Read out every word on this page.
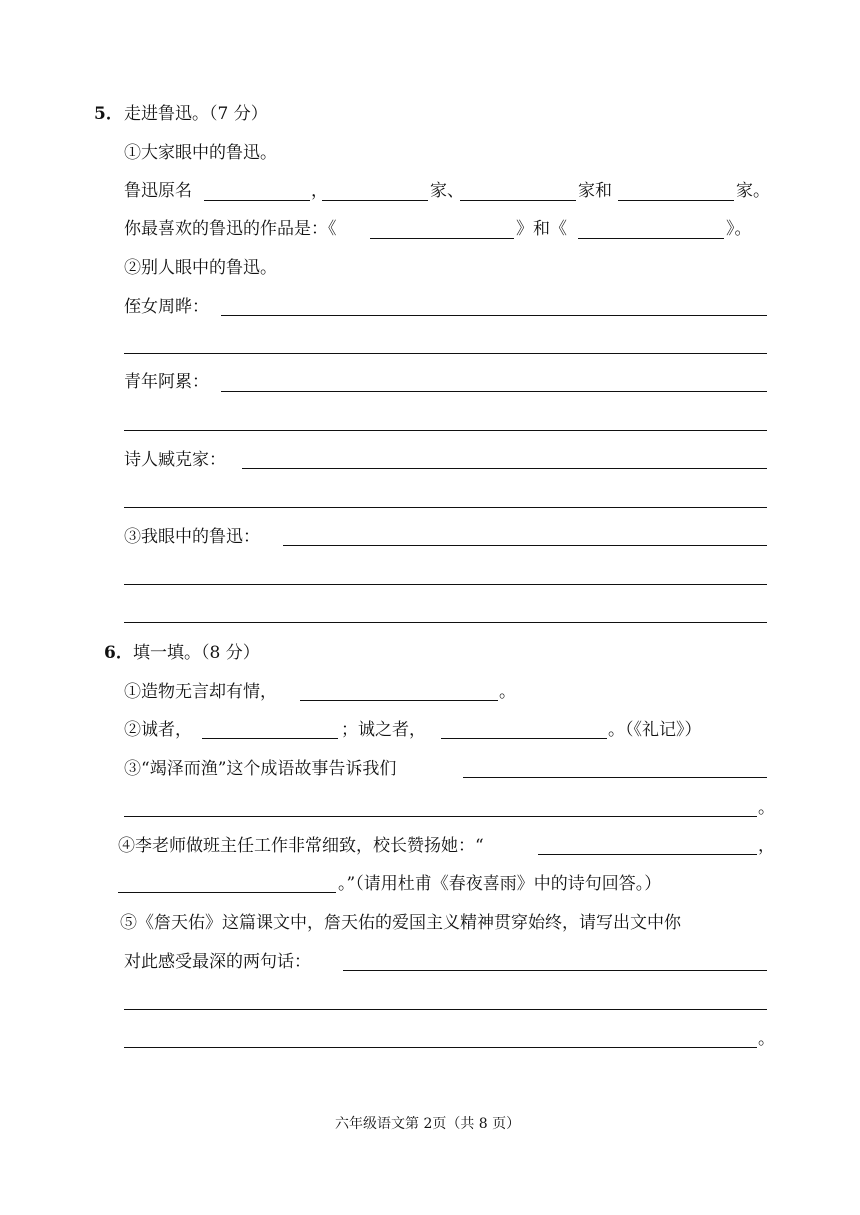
5． 走进鲁迅。（7 分）
①大家眼中的鲁迅。
鲁迅原名	，	家、	家和	家。
你最喜欢的鲁迅的作品是：《	》和《	》。
②别人眼中的鲁迅。
侄女周晔：
青年阿累：
诗人臧克家：
③我眼中的鲁迅：
6． 填一填。（8 分）
①造物无言却有情，	。
②诚者，	；诚之者，	。（《礼记》）
③“竭泽而渔”这个成语故事告诉我们
。
④李老师做班主任工作非常细致，校长赞扬她：“	，
。”（请用杜甫《春夜喜雨》中的诗句回答。）
⑤《詹天佑》这篇课文中，詹天佑的爱国主义精神贯穿始终，请写出文中你
对此感受最深的两句话：
。
六年级语文第 2页（共 8 页）
